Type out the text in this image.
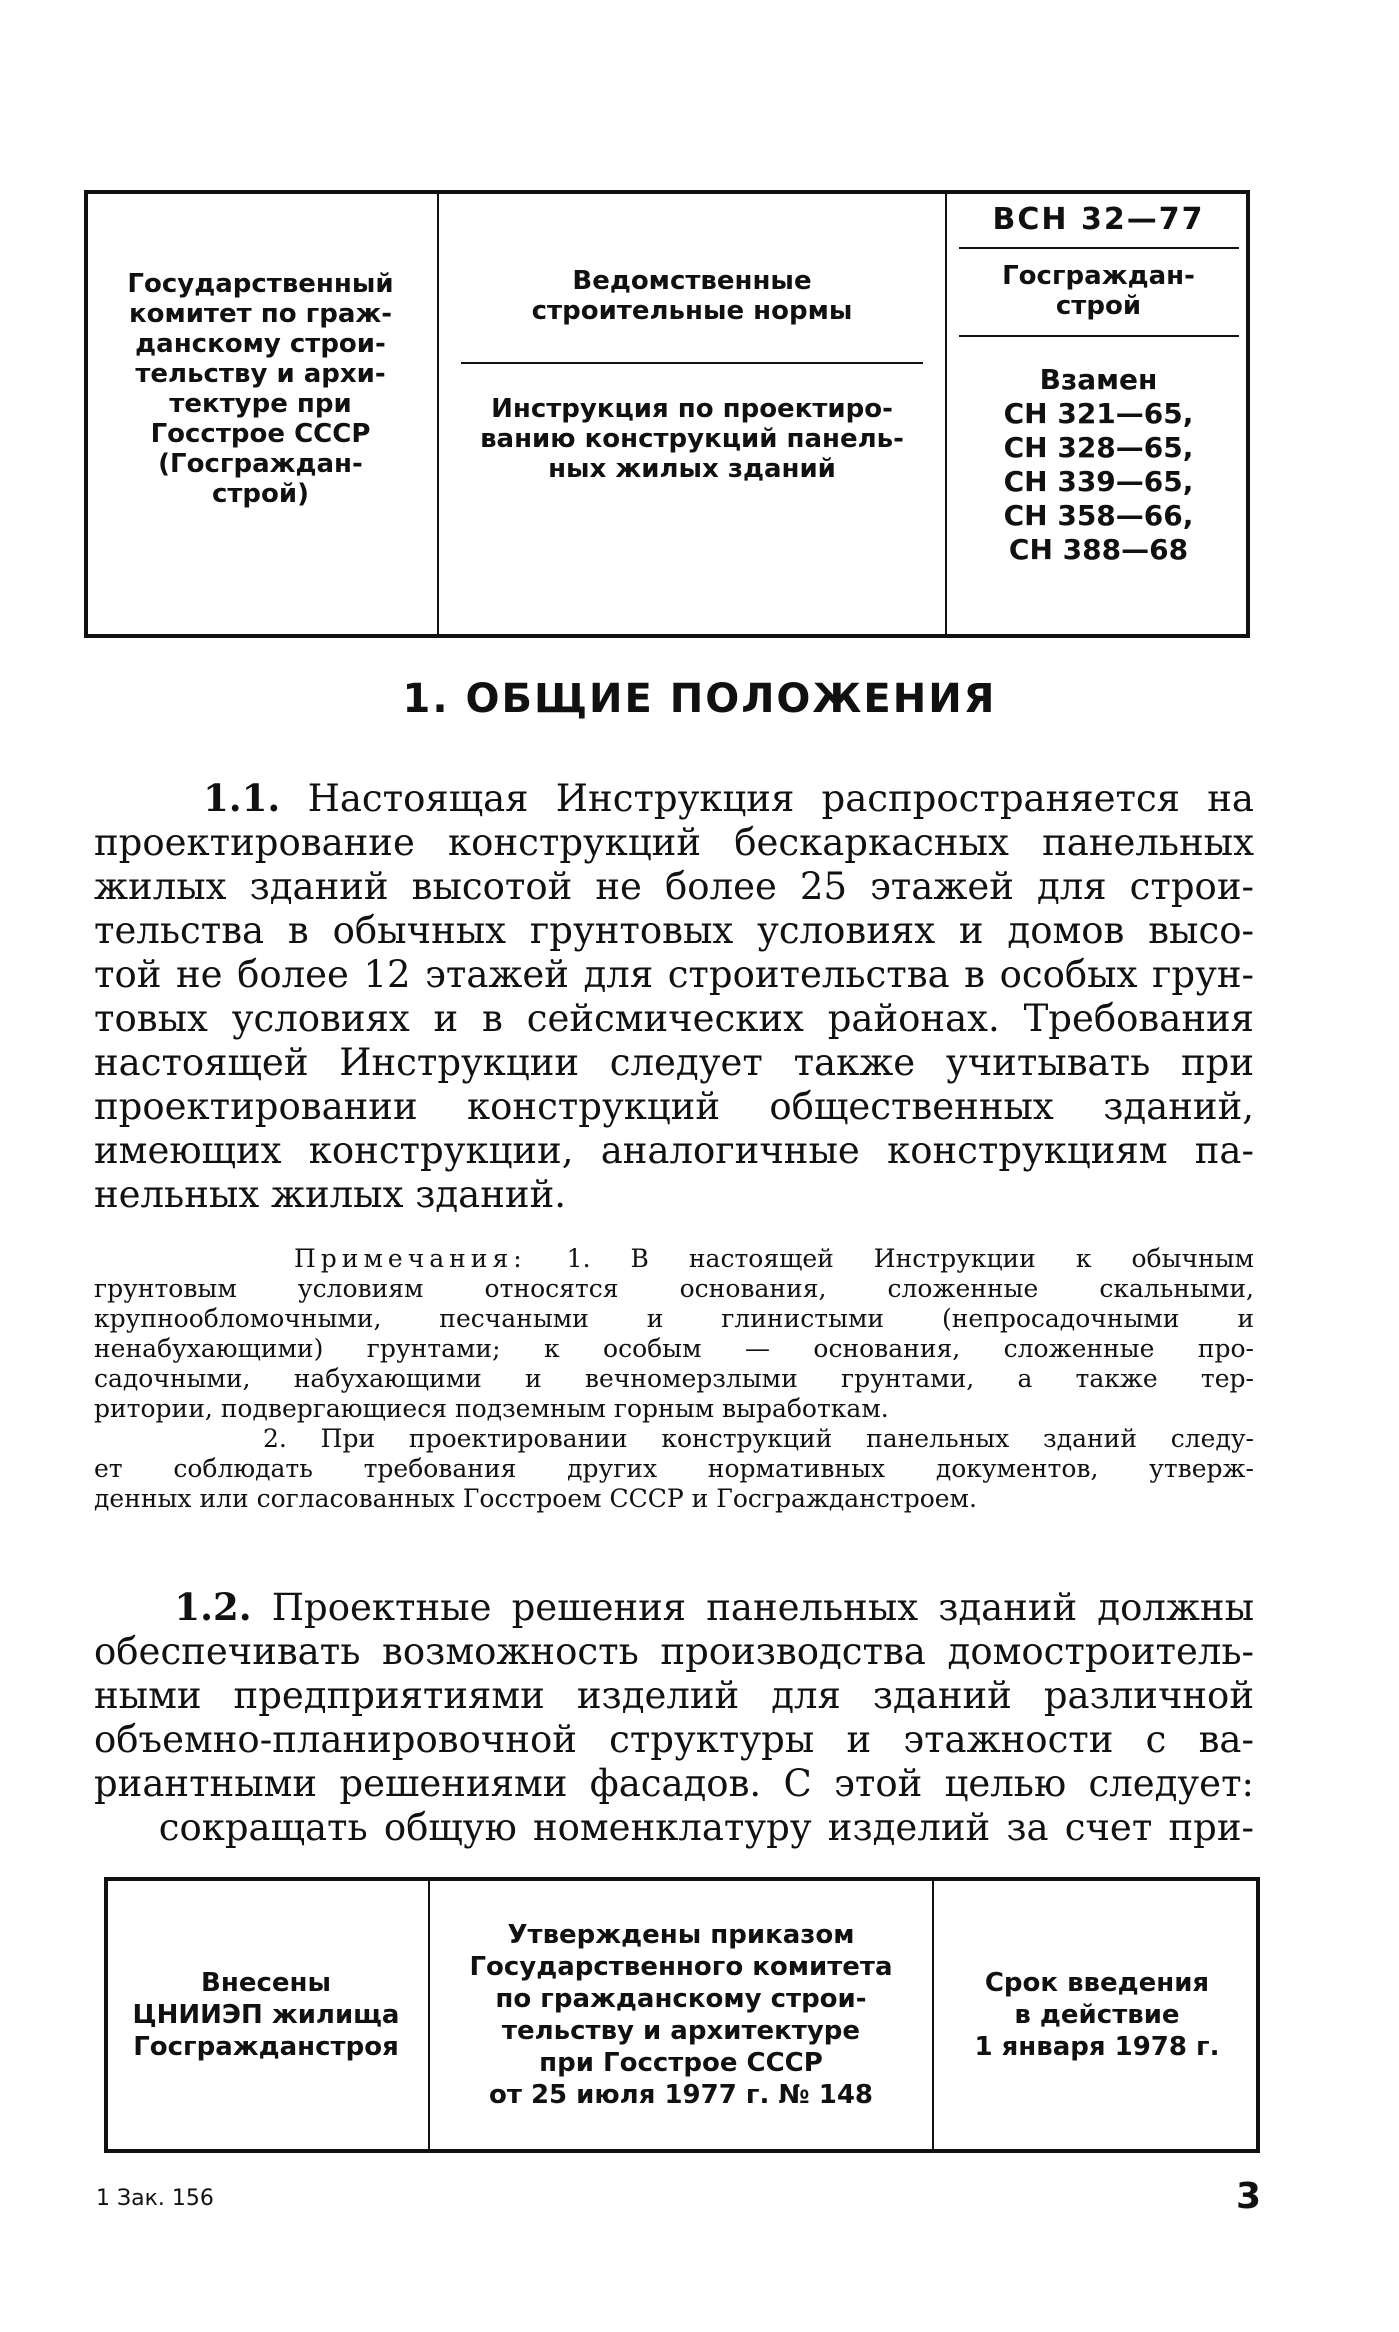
Государственный
комитет по граж-
данскому строи-
тельству и архи-
тектуре при
Госстрое СССР
(Госграждан-
строй)
Ведомственные
строительные нормы
Инструкция по проектиро-
ванию конструкций панель-
ных жилых зданий
ВСН 32—77
Госграждан-
строй
Взамен
СН 321—65,
СН 328—65,
СН 339—65,
СН 358—66,
СН 388—68
1. ОБЩИЕ ПОЛОЖЕНИЯ
1.1. Настоящая Инструкция распространяется на
проектирование конструкций бескаркасных панельных
жилых зданий высотой не более 25 этажей для строи-
тельства в обычных грунтовых условиях и домов высо-
той не более 12 этажей для строительства в особых грун-
товых условиях и в сейсмических районах. Требования
настоящей Инструкции следует также учитывать при
проектировании конструкций общественных зданий,
имеющих конструкции, аналогичные конструкциям па-
нельных жилых зданий.
Примечания: 1. В настоящей Инструкции к обычным
грунтовым условиям относятся основания, сложенные скальными,
крупнообломочными, песчаными и глинистыми (непросадочными и
ненабухающими) грунтами; к особым — основания, сложенные про-
садочными, набухающими и вечномерзлыми грунтами, а также тер-
ритории, подвергающиеся подземным горным выработкам.
2. При проектировании конструкций панельных зданий следу-
ет соблюдать требования других нормативных документов, утверж-
денных или согласованных Госстроем СССР и Госгражданстроем.
1.2. Проектные решения панельных зданий должны
обеспечивать возможность производства домостроитель-
ными предприятиями изделий для зданий различной
объемно-планировочной структуры и этажности с ва-
риантными решениями фасадов. С этой целью следует:
сокращать общую номенклатуру изделий за счет при-
Внесены
ЦНИИЭП жилища
Госгражданстроя
Утверждены приказом
Государственного комитета
по гражданскому строи-
тельству и архитектуре
при Госстрое СССР
от 25 июля 1977 г. № 148
Срок введения
в действие
1 января 1978 г.
1 Зак. 156	3
